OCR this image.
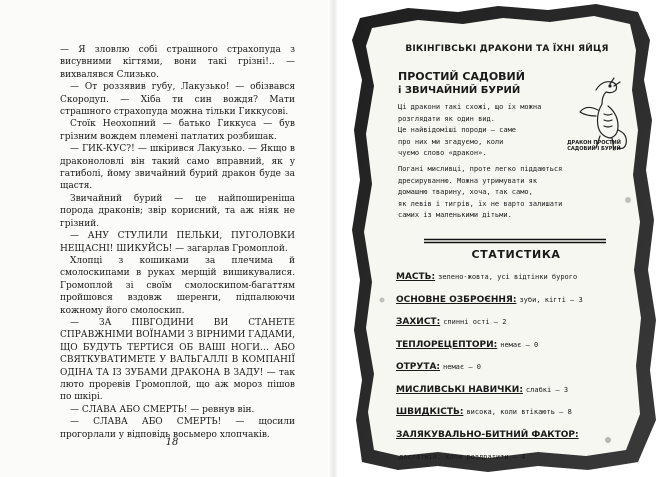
— Я зловлю собі страшного страхопуда з висувними кігтями, вони такі грізні!.. — вихвалявся Слизько.

— От роззявив губу, Лакузько! — обізвався Скородуп. — Хіба ти син вождя? Мати страшного страхопуда можна тільки Гиккусові.

Стоїк Неохопний — батько Гиккуса — був грізним вождем племені патлатих розбишак.

— ГИК-КУС?! — шкірився Лакузько. — Якщо в драконоловлі він такий само вправний, як у гатиболі, йому звичайний бурий дракон буде за щастя.

Звичайний бурий — це найпоширеніша порода драконів; звір корисний, та аж ніяк не грізний.

— АНУ СТУЛИЛИ ПЕЛЬКИ, ПУГОЛОВКИ НЕЩАСНІ! ШИКУЙСЬ! — загарлав Громоплой.

Хлопці з кошиками за плечима й смолоскипами в руках мерщій вишикувалися. Громоплой зі своїм смолоскипом-багаттям пройшовся вздовж шеренги, підпалюючи кожному його смолоскип.

— ЗА ПІВГОДИНИ ВИ СТАНЕТЕ СПРАВЖНІМИ ВОЇНАМИ З ВІРНИМИ ГАДАМИ, ЩО БУДУТЬ ТЕРТИСЯ ОБ ВАШІ НОГИ… АБО СВЯТКУВАТИМЕТЕ У ВАЛЬГАЛЛІ В КОМПАНІЇ ОДІНА ТА ІЗ ЗУБАМИ ДРАКОНА В ЗАДУ! — так люто проревів Громоплой, що аж мороз пішов по шкірі.

— СЛАВА АБО СМЕРТЬ! — ревнув він.

— СЛАВА АБО СМЕРТЬ! — щосили прогорлали у відповідь восьмеро хлопчаків.

18
ВІКІНГІВСЬКІ ДРАКОНИ ТА ЇХНІ ЯЙЦЯ
ПРОСТИЙ САДОВИЙ
і ЗВИЧАЙНИЙ БУРИЙ

Ці дракони такі схожі, що їх можна

розглядати як один вид.

Це найвідоміші породи — саме

про них ми згадуємо, коли

чуємо слово «дракон».

Погані мисливці, проте легко піддаються

дресируванню. Можна утримувати як

домашню тварину, хоча, так само,

як левів і тигрів, їх не варто залишати

самих із маленькими дітьми.

ДРАКОН ПРОСТИЙ САДОВИЙ І БУРИЙ
СТАТИСТИКА
МАСТЬ: зелено-жовта, усі відтінки бурого
ОСНОВНЕ ОЗБРОЄННЯ: зуби, кігті – 3
ЗАХИСТ: спинні ості – 2
ТЕПЛОРЕЦЕПТОРИ: немає – 0
ОТРУТА: немає – 0
МИСЛИВСЬКІ НАВИЧКИ: слабкі – 3
ШВИДКІСТЬ: висока, коли втікають – 8
ЗАЛЯКУВАЛЬНО-БИТНИЙ ФАКТОР:
достатній, коли роздратити – 4
